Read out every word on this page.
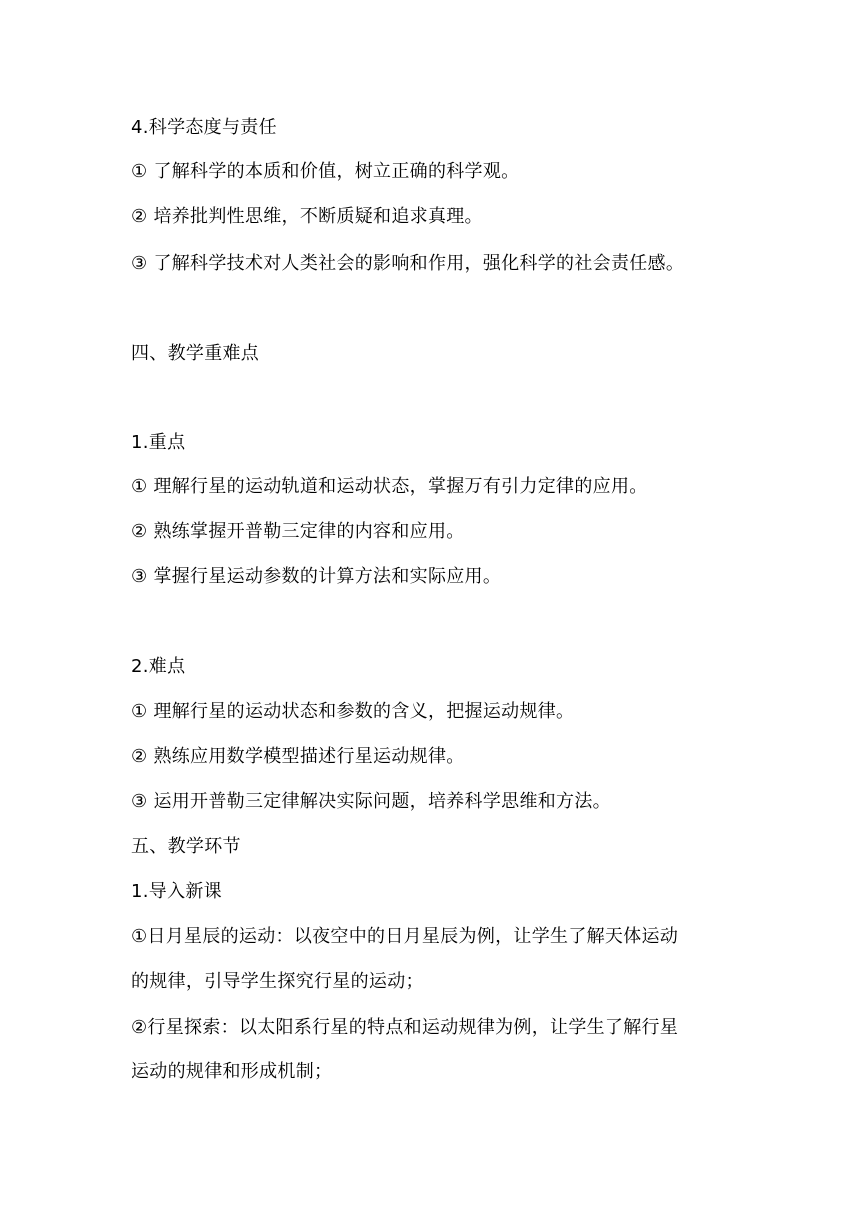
4.科学态度与责任
① 了解科学的本质和价值，树立正确的科学观。
② 培养批判性思维，不断质疑和追求真理。
③ 了解科学技术对人类社会的影响和作用，强化科学的社会责任感。
四、教学重难点
1.重点
① 理解行星的运动轨道和运动状态，掌握万有引力定律的应用。
② 熟练掌握开普勒三定律的内容和应用。
③ 掌握行星运动参数的计算方法和实际应用。
2.难点
① 理解行星的运动状态和参数的含义，把握运动规律。
② 熟练应用数学模型描述行星运动规律。
③ 运用开普勒三定律解决实际问题，培养科学思维和方法。
五、教学环节
1.导入新课
①日月星辰的运动：以夜空中的日月星辰为例，让学生了解天体运动
的规律，引导学生探究行星的运动；
②行星探索：以太阳系行星的特点和运动规律为例，让学生了解行星
运动的规律和形成机制；
